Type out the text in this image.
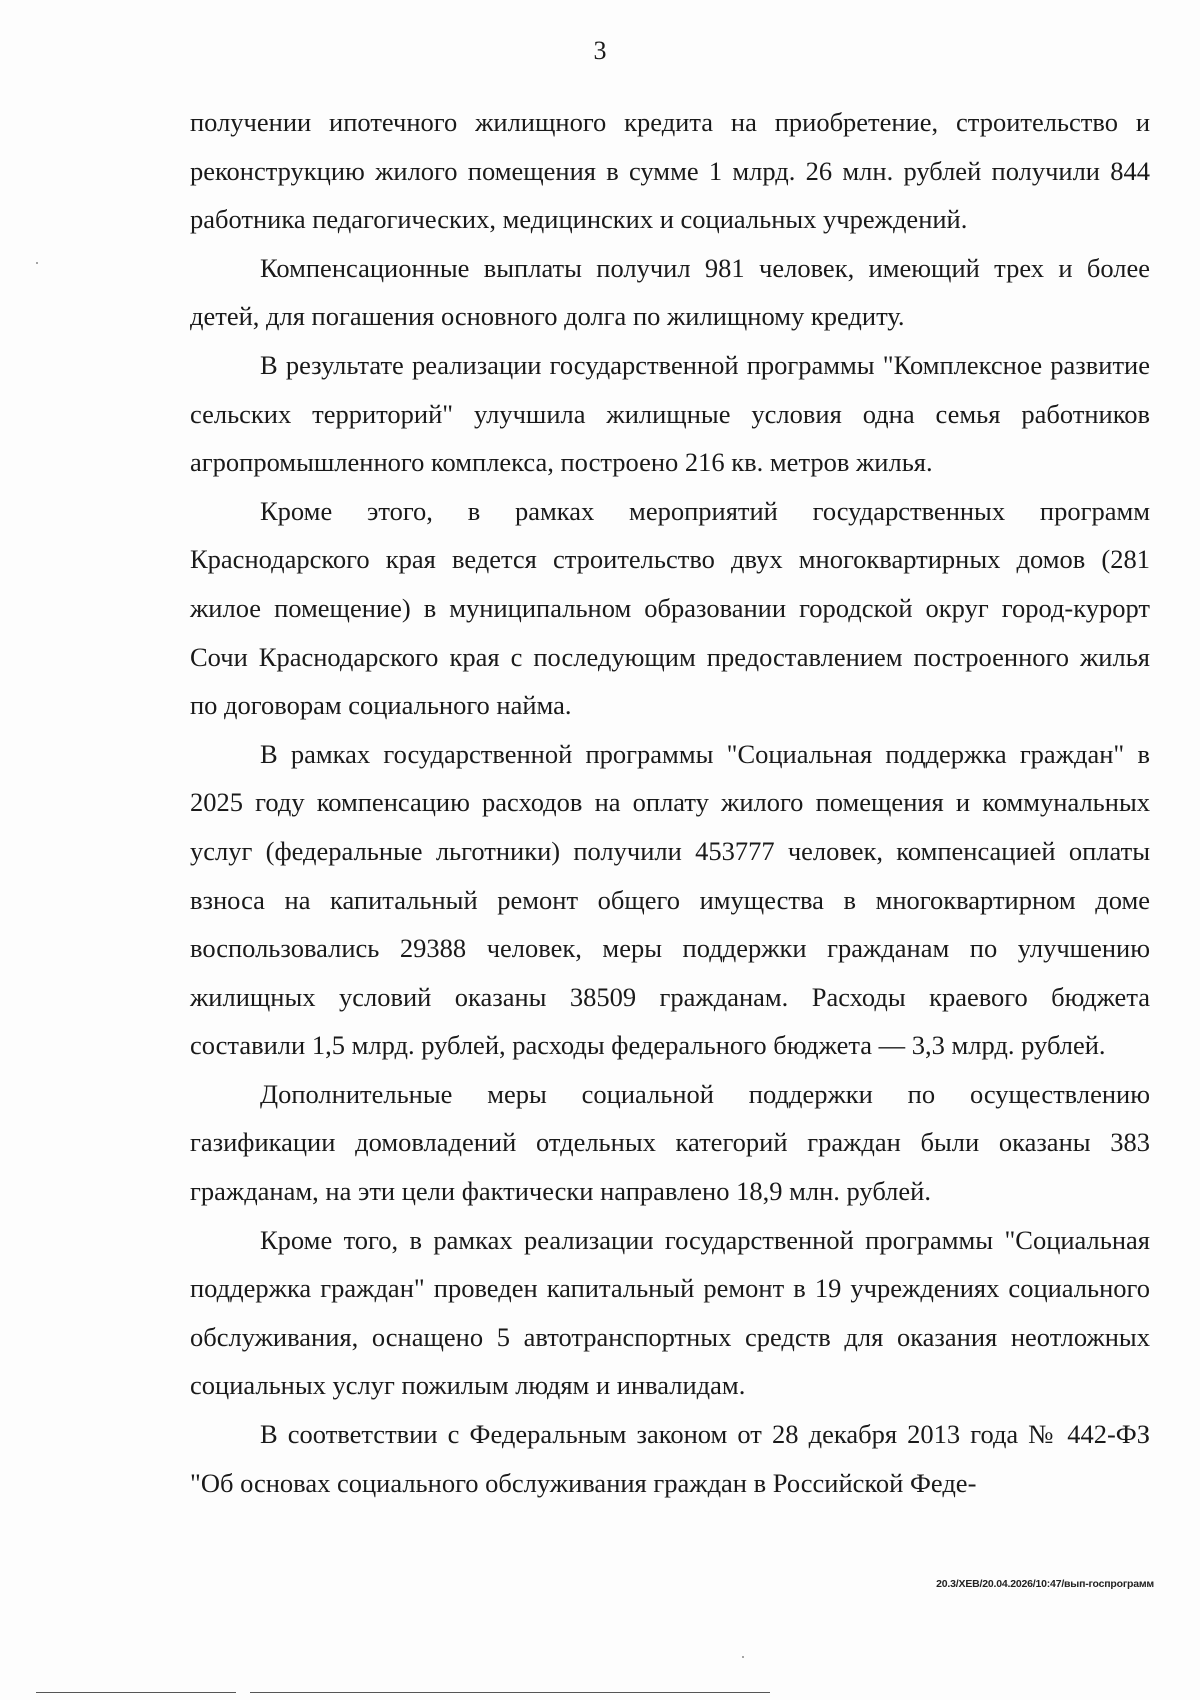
3

получении ипотечного жилищного кредита на приобретение, строительство и реконструкцию жилого помещения в сумме 1 млрд. 26 млн. рублей получили 844 работника педагогических, медицинских и социальных учреждений.

Компенсационные выплаты получил 981 человек, имеющий трех и более детей, для погашения основного долга по жилищному кредиту.

В результате реализации государственной программы "Комплексное развитие сельских территорий" улучшила жилищные условия одна семья работников агропромышленного комплекса, построено 216 кв. метров жилья.

Кроме этого, в рамках мероприятий государственных программ Краснодарского края ведется строительство двух многоквартирных домов (281 жилое помещение) в муниципальном образовании городской округ город-курорт Сочи Краснодарского края с последующим предоставлением построенного жилья по договорам социального найма.

В рамках государственной программы "Социальная поддержка граждан" в 2025 году компенсацию расходов на оплату жилого помещения и коммунальных услуг (федеральные льготники) получили 453777 человек, компенсацией оплаты взноса на капитальный ремонт общего имущества в многоквартирном доме воспользовались 29388 человек, меры поддержки гражданам по улучшению жилищных условий оказаны 38509 гражданам. Расходы краевого бюджета составили 1,5 млрд. рублей, расходы федерального бюджета — 3,3 млрд. рублей.

Дополнительные меры социальной поддержки по осуществлению газификации домовладений отдельных категорий граждан были оказаны 383 гражданам, на эти цели фактически направлено 18,9 млн. рублей.

Кроме того, в рамках реализации государственной программы "Социальная поддержка граждан" проведен капитальный ремонт в 19 учреждениях социального обслуживания, оснащено 5 автотранспортных средств для оказания неотложных социальных услуг пожилым людям и инвалидам.

В соответствии с Федеральным законом от 28 декабря 2013 года № 442-ФЗ "Об основах социального обслуживания граждан в Российской Феде-

20.3/ХЕВ/20.04.2026/10:47/вып-госпрограмм
